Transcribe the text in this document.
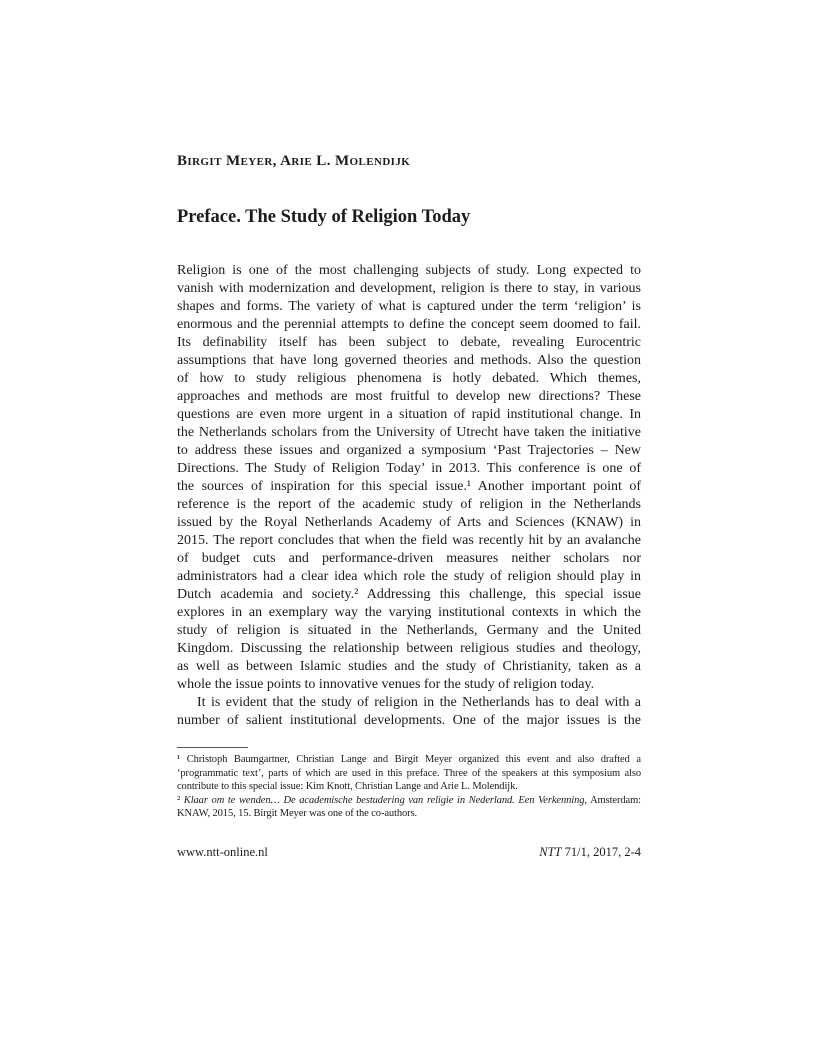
Birgit Meyer, Arie L. Molendijk
Preface. The Study of Religion Today
Religion is one of the most challenging subjects of study. Long expected to
vanish with modernization and development, religion is there to stay, in various
shapes and forms. The variety of what is captured under the term ‘religion’ is
enormous and the perennial attempts to define the concept seem doomed to fail.
Its definability itself has been subject to debate, revealing Eurocentric
assumptions that have long governed theories and methods. Also the question
of how to study religious phenomena is hotly debated. Which themes,
approaches and methods are most fruitful to develop new directions? These
questions are even more urgent in a situation of rapid institutional change. In
the Netherlands scholars from the University of Utrecht have taken the initiative
to address these issues and organized a symposium ‘Past Trajectories – New
Directions. The Study of Religion Today’ in 2013. This conference is one of
the sources of inspiration for this special issue.¹ Another important point of
reference is the report of the academic study of religion in the Netherlands
issued by the Royal Netherlands Academy of Arts and Sciences (KNAW) in
2015. The report concludes that when the field was recently hit by an avalanche
of budget cuts and performance-driven measures neither scholars nor
administrators had a clear idea which role the study of religion should play in
Dutch academia and society.² Addressing this challenge, this special issue
explores in an exemplary way the varying institutional contexts in which the
study of religion is situated in the Netherlands, Germany and the United
Kingdom. Discussing the relationship between religious studies and theology,
as well as between Islamic studies and the study of Christianity, taken as a
whole the issue points to innovative venues for the study of religion today.
It is evident that the study of religion in the Netherlands has to deal with a
number of salient institutional developments. One of the major issues is the
¹ Christoph Baumgartner, Christian Lange and Birgit Meyer organized this event and also drafted a
‘programmatic text’, parts of which are used in this preface. Three of the speakers at this symposium also
contribute to this special issue: Kim Knott, Christian Lange and Arie L. Molendijk.
² Klaar om te wenden… De academische bestudering van religie in Nederland. Een Verkenning, Amsterdam:
KNAW, 2015, 15. Birgit Meyer was one of the co-authors.
www.ntt-online.nl	NTT 71/1, 2017, 2-4
